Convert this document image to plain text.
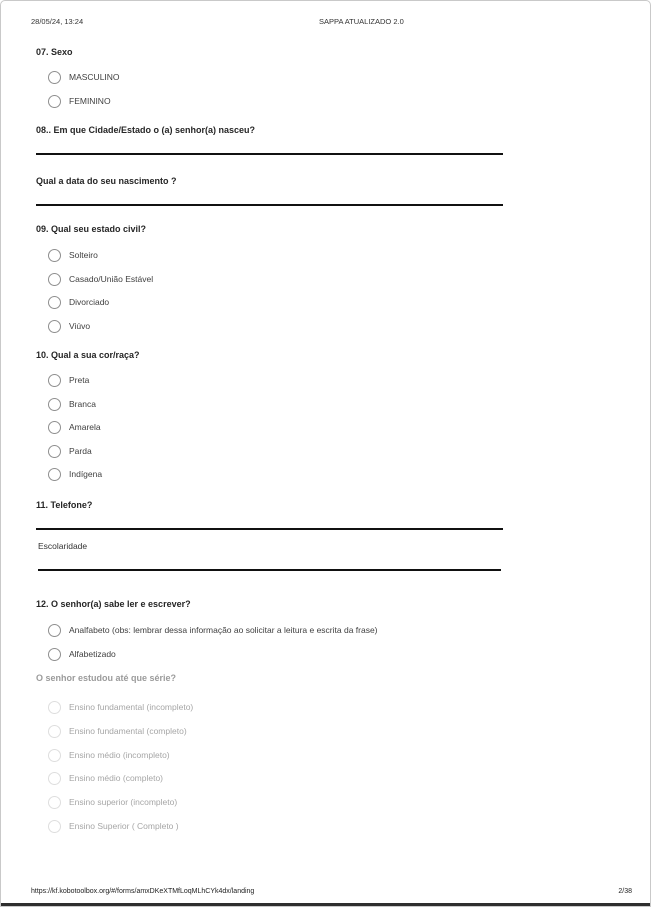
28/05/24, 13:24	SAPPA ATUALIZADO 2.0
07. Sexo
MASCULINO
FEMININO
08.. Em que Cidade/Estado o (a) senhor(a) nasceu?
Qual a data do seu nascimento ?
09. Qual seu estado civil?
Solteiro
Casado/União Estável
Divorciado
Viúvo
10. Qual a sua cor/raça?
Preta
Branca
Amarela
Parda
Indígena
11. Telefone?
Escolaridade
12. O senhor(a) sabe ler e escrever?
Analfabeto (obs: lembrar dessa informação ao solicitar a leitura e escrita da frase)
Alfabetizado
O senhor estudou até que série?
Ensino fundamental (incompleto)
Ensino fundamental (completo)
Ensino médio (incompleto)
Ensino médio (completo)
Ensino superior (incompleto)
Ensino Superior ( Completo )
https://kf.kobotoolbox.org/#/forms/amxDKeXTMfLoqMLhCYk4dx/landing	2/38
